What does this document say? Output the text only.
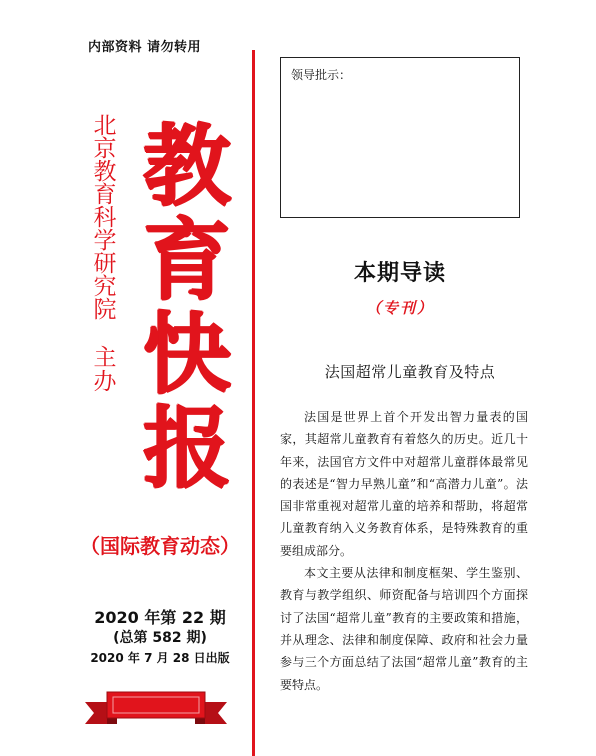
内部资料 请勿转用
领导批示：
北
京
教
育
科
学
研
究
院
主
办
教
育
快
报
（国际教育动态）
2020 年第 22 期
(总第 582 期)
2020 年 7 月 28 日出版
本期导读
（专刊）
法国超常儿童教育及特点

法国是世界上首个开发出智力量表的国家，其超常儿童教育有着悠久的历史。近几十年来，法国官方文件中对超常儿童群体最常见的表述是“智力早熟儿童”和“高潜力儿童”。法国非常重视对超常儿童的培养和帮助，将超常儿童教育纳入义务教育体系，是特殊教育的重要组成部分。

本文主要从法律和制度框架、学生鉴别、教育与教学组织、师资配备与培训四个方面探讨了法国“超常儿童”教育的主要政策和措施，并从理念、法律和制度保障、政府和社会力量参与三个方面总结了法国“超常儿童”教育的主要特点。
